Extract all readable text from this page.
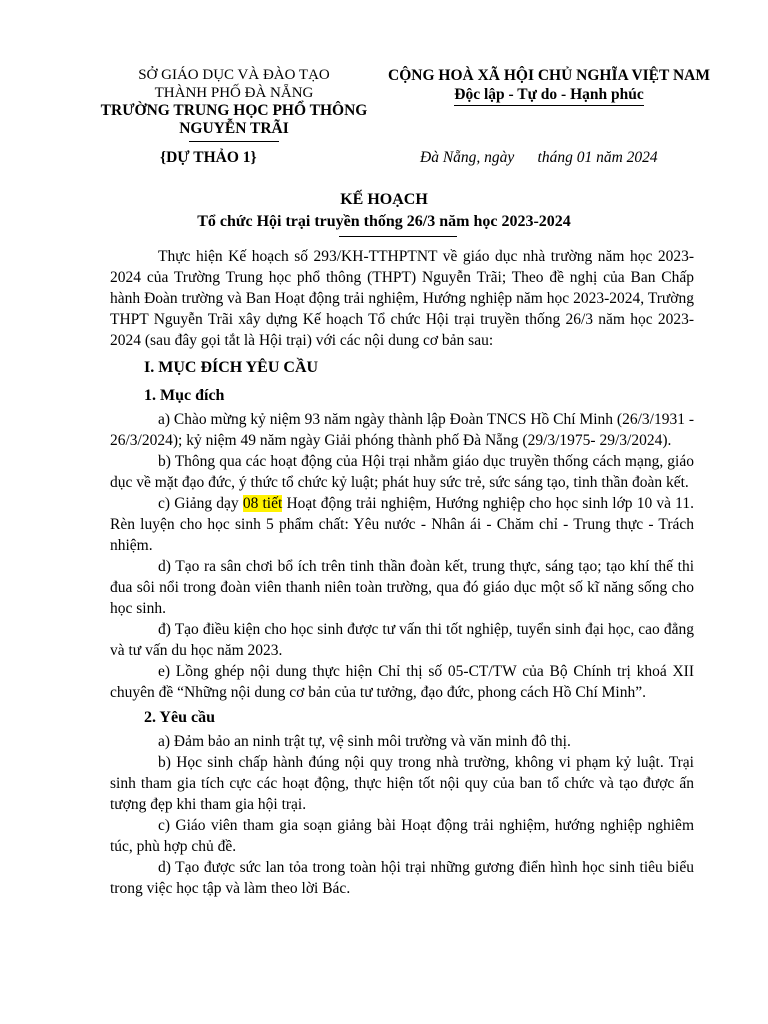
SỞ GIÁO DỤC VÀ ĐÀO TẠO
THÀNH PHỐ ĐÀ NẴNG
TRƯỜNG TRUNG HỌC PHỔ THÔNG
NGUYỄN TRÃI
CỘNG HOÀ XÃ HỘI CHỦ NGHĨA VIỆT NAM
Độc lập - Tự do - Hạnh phúc
{DỰ THẢO 1}	Đà Nẵng, ngày      tháng 01 năm 2024
KẾ HOẠCH
Tổ chức Hội trại truyền thống 26/3 năm học 2023-2024

Thực hiện Kế hoạch số 293/KH-TTHPTNT về giáo dục nhà trường năm học 2023-2024 của Trường Trung học phổ thông (THPT) Nguyễn Trãi; Theo đề nghị của Ban Chấp hành Đoàn trường và Ban Hoạt động trải nghiệm, Hướng nghiệp năm học 2023-2024, Trường THPT Nguyễn Trãi xây dựng Kế hoạch Tổ chức Hội trại truyền thống 26/3 năm học 2023-2024 (sau đây gọi tắt là Hội trại) với các nội dung cơ bản sau:

I. MỤC ĐÍCH YÊU CẦU
1. Mục đích

a) Chào mừng kỷ niệm 93 năm ngày thành lập Đoàn TNCS Hồ Chí Minh (26/3/1931 - 26/3/2024); kỷ niệm 49 năm ngày Giải phóng thành phố Đà Nẵng (29/3/1975- 29/3/2024).

b) Thông qua các hoạt động của Hội trại nhằm giáo dục truyền thống cách mạng, giáo dục về mặt đạo đức, ý thức tổ chức kỷ luật; phát huy sức trẻ, sức sáng tạo, tinh thần đoàn kết.

c) Giảng dạy 08 tiết Hoạt động trải nghiệm, Hướng nghiệp cho học sinh lớp 10 và 11. Rèn luyện cho học sinh 5 phẩm chất: Yêu nước - Nhân ái - Chăm chỉ - Trung thực - Trách nhiệm.

d) Tạo ra sân chơi bổ ích trên tinh thần đoàn kết, trung thực, sáng tạo; tạo khí thế thi đua sôi nổi trong đoàn viên thanh niên toàn trường, qua đó giáo dục một số kĩ năng sống cho học sinh.

đ) Tạo điều kiện cho học sinh được tư vấn thi tốt nghiệp, tuyển sinh đại học, cao đẳng và tư vấn du học năm 2023.

e) Lồng ghép nội dung thực hiện Chỉ thị số 05-CT/TW của Bộ Chính trị khoá XII chuyên đề “Những nội dung cơ bản của tư tưởng, đạo đức, phong cách Hồ Chí Minh”.

2. Yêu cầu

a) Đảm bảo an ninh trật tự, vệ sinh môi trường và văn minh đô thị.

b) Học sinh chấp hành đúng nội quy trong nhà trường, không vi phạm kỷ luật. Trại sinh tham gia tích cực các hoạt động, thực hiện tốt nội quy của ban tổ chức và tạo được ấn tượng đẹp khi tham gia hội trại.

c) Giáo viên tham gia soạn giảng bài Hoạt động trải nghiệm, hướng nghiệp nghiêm túc, phù hợp chủ đề.

d) Tạo được sức lan tỏa trong toàn hội trại những gương điển hình học sinh tiêu biểu trong việc học tập và làm theo lời Bác.
